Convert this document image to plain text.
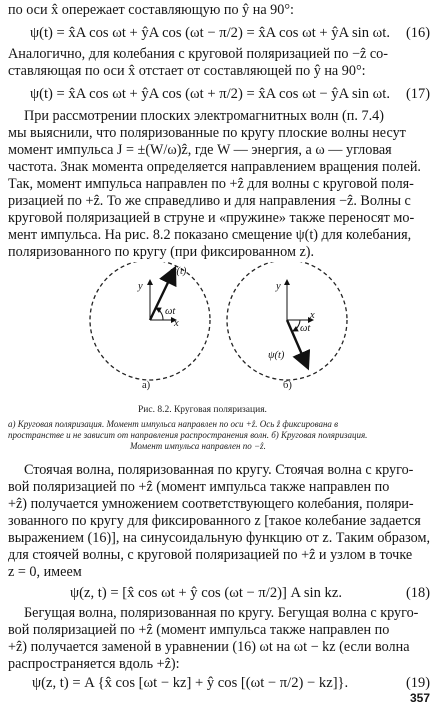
по оси x̂ опережает составляющую по ŷ на 90°:
ψ(t) = x̂A cos ωt + ŷA cos (ωt − π/2) = x̂A cos ωt + ŷA sin ωt. (16)
Аналогично, для колебания с круговой поляризацией по −ẑ со-
ставляющая по оси x̂ отстает от составляющей по ŷ на 90°:
ψ(t) = x̂A cos ωt + ŷA cos (ωt + π/2) = x̂A cos ωt − ŷA sin ωt. (17)
При рассмотрении плоских электромагнитных волн (п. 7.4)
мы выяснили, что поляризованные по кругу плоские волны несут
момент импульса J = ±(W/ω)ẑ, где W — энергия, а ω — угловая
частота. Знак момента определяется направлением вращения полей.
Так, момент импульса направлен по +ẑ для волны с круговой поля-
ризацией по +ẑ. То же справедливо и для направления −ẑ. Волны с
круговой поляризацией в струне и «пружине» также переносят мо-
мент импульса. На рис. 8.2 показано смещение ψ(t) для колебания,
поляризованного по кругу (при фиксированном z).
ψ(t)
y
ωt
x
а)
y
x
ωt
ψ(t)
б)
Рис. 8.2. Круговая поляризация.
а) Круговая поляризация. Момент импульса направлен по оси +ẑ. Ось ẑ фиксирована в
пространстве и не зависит от направления распространения волн. б) Круговая поляризация.
Момент импульса направлен по −ẑ.
Стоячая волна, поляризованная по кругу. Стоячая волна с круго-
вой поляризацией по +ẑ (момент импульса также направлен по
+ẑ) получается умножением соответствующего колебания, поляри-
зованного по кругу для фиксированного z [такое колебание задается
выражением (16)], на синусоидальную функцию от z. Таким образом,
для стоячей волны, с круговой поляризацией по +ẑ и узлом в точке
z = 0, имеем
ψ(z, t) = [x̂ cos ωt + ŷ cos (ωt − π/2)] A sin kz.	(18)
Бегущая волна, поляризованная по кругу. Бегущая волна с круго-
вой поляризацией по +ẑ (момент импульса также направлен по
+ẑ) получается заменой в уравнении (16) ωt на ωt − kz (если волна
распространяется вдоль +ẑ):
ψ(z, t) = A {x̂ cos [ωt − kz] + ŷ cos [(ωt − π/2) − kz]}.	(19)
357
